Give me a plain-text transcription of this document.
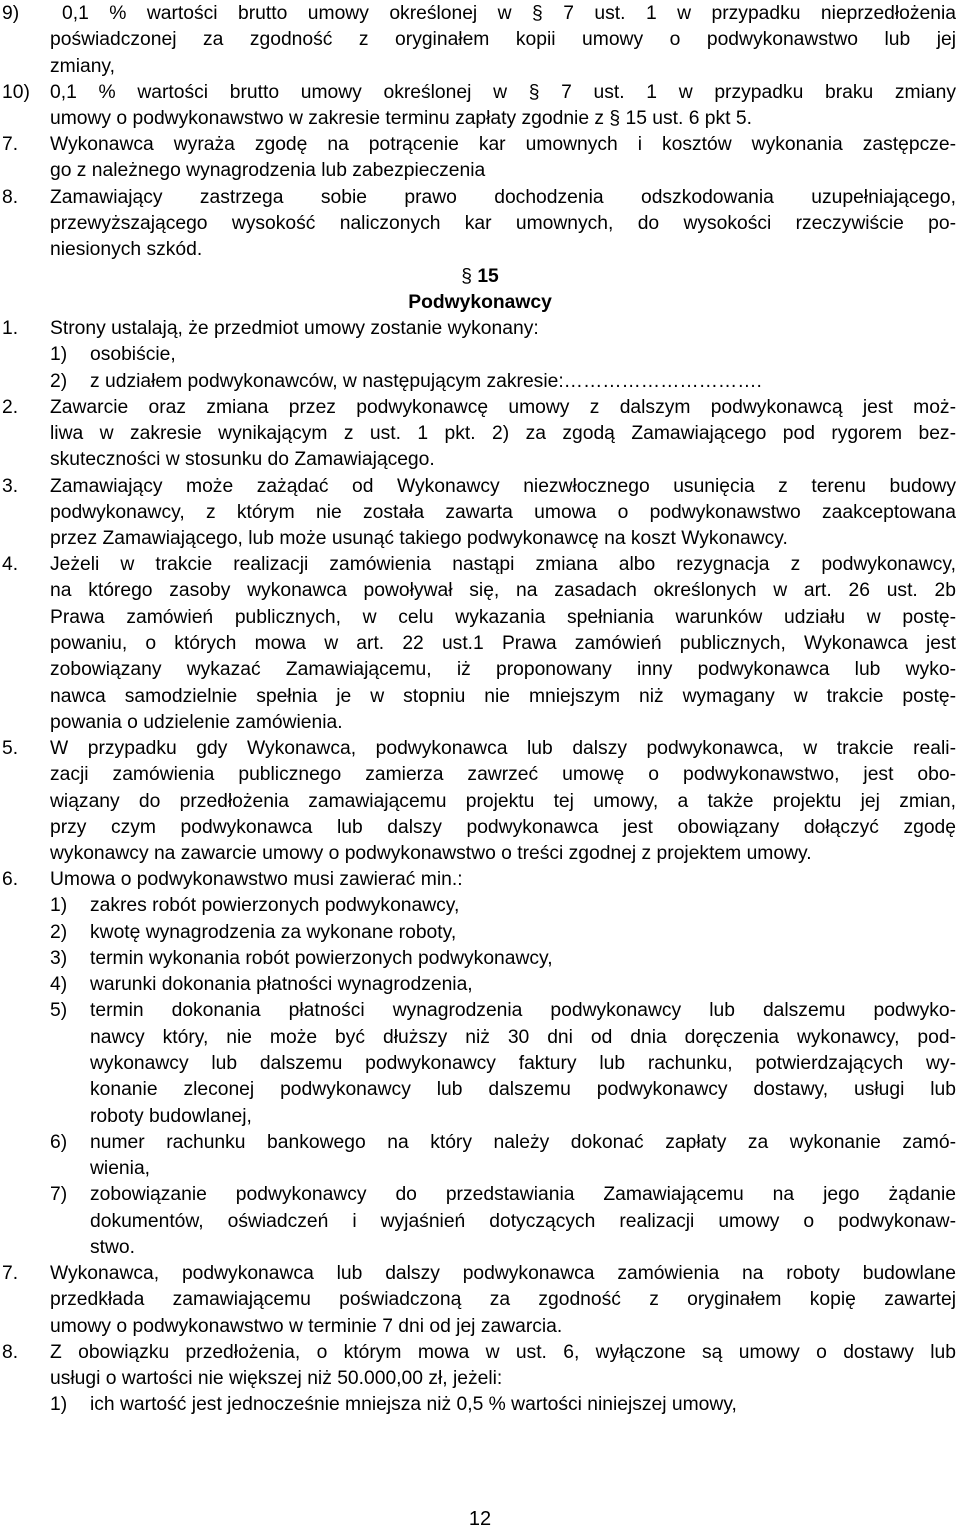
9) 0,1 % wartości brutto umowy określonej w § 7 ust. 1 w przypadku nieprzedłożenia
poświadczonej za zgodność z oryginałem kopii umowy o podwykonawstwo lub jej
zmiany,
10) 0,1 % wartości brutto umowy określonej w § 7 ust. 1 w przypadku braku zmiany
umowy o podwykonawstwo w zakresie terminu zapłaty zgodnie z § 15 ust. 6 pkt 5.
7. Wykonawca wyraża zgodę na potrącenie kar umownych i kosztów wykonania zastępcze-
go z należnego wynagrodzenia lub zabezpieczenia
8. Zamawiający zastrzega sobie prawo dochodzenia odszkodowania uzupełniającego,
przewyższającego wysokość naliczonych kar umownych, do wysokości rzeczywiście po-
niesionych szkód.
§ 15
Podwykonawcy
1. Strony ustalają, że przedmiot umowy zostanie wykonany:
1) osobiście,
2) z udziałem podwykonawców, w następującym zakresie:………………………….
2. Zawarcie oraz zmiana przez podwykonawcę umowy z dalszym podwykonawcą jest moż-
liwa w zakresie wynikającym z ust. 1 pkt. 2) za zgodą Zamawiającego pod rygorem bez-
skuteczności w stosunku do Zamawiającego.
3. Zamawiający może zażądać od Wykonawcy niezwłocznego usunięcia z terenu budowy
podwykonawcy, z którym nie została zawarta umowa o podwykonawstwo zaakceptowana
przez Zamawiającego, lub może usunąć takiego podwykonawcę na koszt Wykonawcy.
4. Jeżeli w trakcie realizacji zamówienia nastąpi zmiana albo rezygnacja z podwykonawcy,
na którego zasoby wykonawca powoływał się, na zasadach określonych w art. 26 ust. 2b
Prawa zamówień publicznych, w celu wykazania spełniania warunków udziału w postę-
powaniu, o których mowa w art. 22 ust.1 Prawa zamówień publicznych, Wykonawca jest
zobowiązany wykazać Zamawiającemu, iż proponowany inny podwykonawca lub wyko-
nawca samodzielnie spełnia je w stopniu nie mniejszym niż wymagany w trakcie postę-
powania o udzielenie zamówienia.
5. W przypadku gdy Wykonawca, podwykonawca lub dalszy podwykonawca, w trakcie reali-
zacji zamówienia publicznego zamierza zawrzeć umowę o podwykonawstwo, jest obo-
wiązany do przedłożenia zamawiającemu projektu tej umowy, a także projektu jej zmian,
przy czym podwykonawca lub dalszy podwykonawca jest obowiązany dołączyć zgodę
wykonawcy na zawarcie umowy o podwykonawstwo o treści zgodnej z projektem umowy.
6. Umowa o podwykonawstwo musi zawierać min.:
1) zakres robót powierzonych podwykonawcy,
2) kwotę wynagrodzenia za wykonane roboty,
3) termin wykonania robót powierzonych podwykonawcy,
4) warunki dokonania płatności wynagrodzenia,
5) termin dokonania płatności wynagrodzenia podwykonawcy lub dalszemu podwyko-
nawcy który, nie może być dłuższy niż 30 dni od dnia doręczenia wykonawcy, pod-
wykonawcy lub dalszemu podwykonawcy faktury lub rachunku, potwierdzających wy-
konanie zleconej podwykonawcy lub dalszemu podwykonawcy dostawy, usługi lub
roboty budowlanej,
6) numer rachunku bankowego na który należy dokonać zapłaty za wykonanie zamó-
wienia,
7) zobowiązanie podwykonawcy do przedstawiania Zamawiającemu na jego żądanie
dokumentów, oświadczeń i wyjaśnień dotyczących realizacji umowy o podwykonaw-
stwo.
7. Wykonawca, podwykonawca lub dalszy podwykonawca zamówienia na roboty budowlane
przedkłada zamawiającemu poświadczoną za zgodność z oryginałem kopię zawartej
umowy o podwykonawstwo w terminie 7 dni od jej zawarcia.
8. Z obowiązku przedłożenia, o którym mowa w ust. 6, wyłączone są umowy o dostawy lub
usługi o wartości nie większej niż 50.000,00 zł, jeżeli:
1) ich wartość jest jednocześnie mniejsza niż 0,5 % wartości niniejszej umowy,
12
